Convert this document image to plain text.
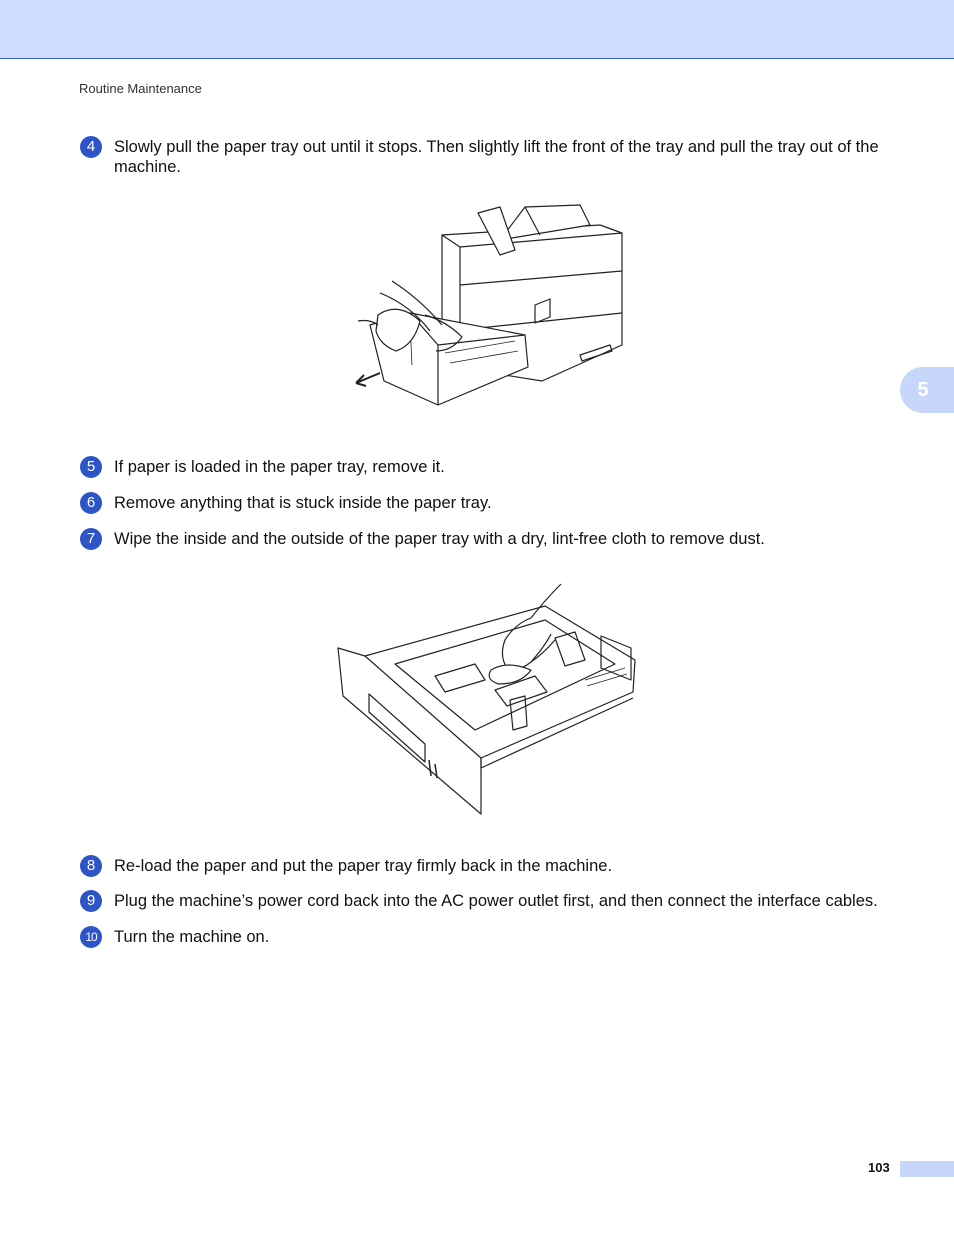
Routine Maintenance
5
4	Slowly pull the paper tray out until it stops. Then slightly lift the front of the tray and pull the tray out of the machine.
5	If paper is loaded in the paper tray, remove it.
6	Remove anything that is stuck inside the paper tray.
7	Wipe the inside and the outside of the paper tray with a dry, lint-free cloth to remove dust.
8	Re-load the paper and put the paper tray firmly back in the machine.
9	Plug the machine’s power cord back into the AC power outlet first, and then connect the interface cables.
10	Turn the machine on.
103
